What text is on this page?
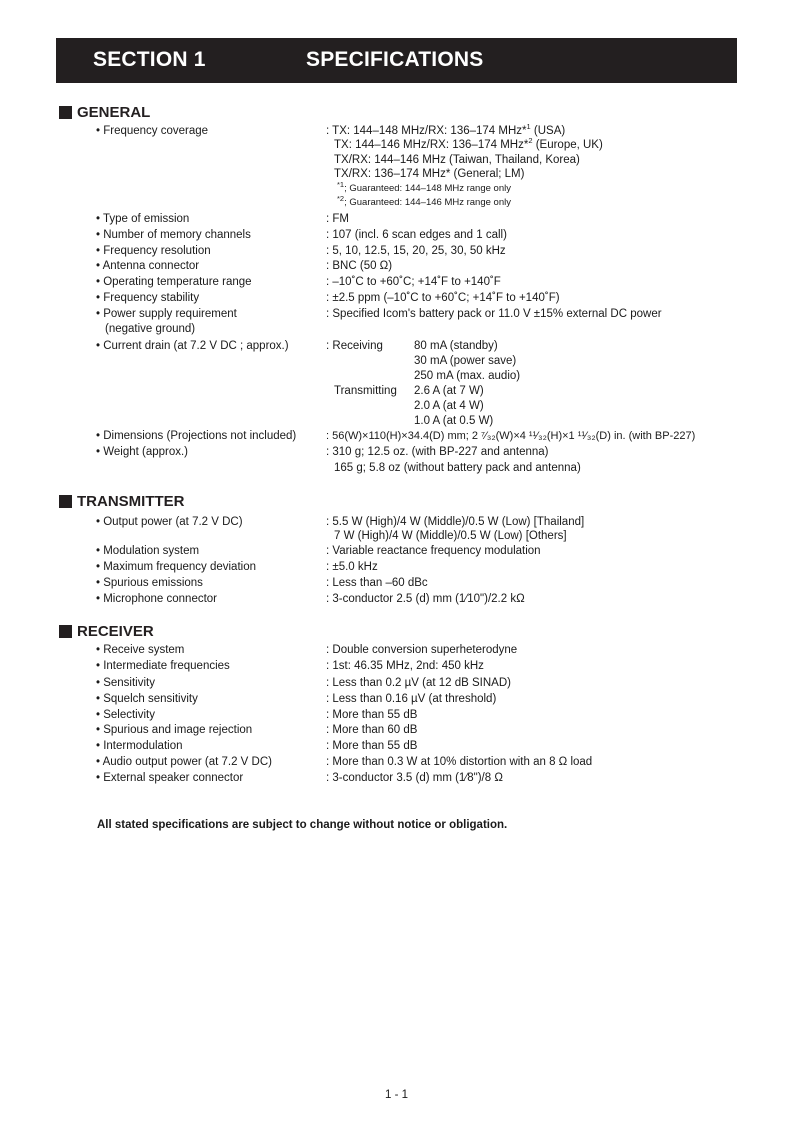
SECTION 1	SPECIFICATIONS
GENERAL
• Frequency coverage	: TX: 144–148 MHz/RX: 136–174 MHz*$^1$ (USA)
TX: 144–146 MHz/RX: 136–174 MHz*$^2$ (Europe, UK)
TX/RX: 144–146 MHz (Taiwan, Thailand, Korea)
TX/RX: 136–174 MHz* (General; LM)
$^{*1}$; Guaranteed: 144–148 MHz range only
$^{*2}$; Guaranteed: 144–146 MHz range only
• Type of emission	: FM
• Number of memory channels	: 107 (incl. 6 scan edges and 1 call)
• Frequency resolution	: 5, 10, 12.5, 15, 20, 25, 30, 50 kHz
• Antenna connector	: BNC (50 Ω)
• Operating temperature range	: –10˚C to +60˚C; +14˚F to +140˚F
• Frequency stability	: ±2.5 ppm (–10˚C to +60˚C; +14˚F to +140˚F)
• Power supply requirement	: Specified Icom's battery pack or 11.0 V ±15% external DC power
(negative ground)
• Current drain (at 7.2 V DC ; approx.)	: Receiving	80 mA (standby)
30 mA (power save)
250 mA (max. audio)
Transmitting 2.6 A (at 7 W)
2.0 A (at 4 W)
1.0 A (at 0.5 W)
• Dimensions (Projections not included)	: 56(W)×110(H)×34.4(D) mm; 2 ⁷⁄₃₂(W)×4 ¹¹⁄₃₂(H)×1 ¹¹⁄₃₂(D) in. (with BP-227)
• Weight (approx.)	: 310 g; 12.5 oz. (with BP-227 and antenna)
165 g; 5.8 oz (without battery pack and antenna)
TRANSMITTER
• Output power (at 7.2 V DC)	: 5.5 W (High)/4 W (Middle)/0.5 W (Low) [Thailand]
7 W (High)/4 W (Middle)/0.5 W (Low) [Others]
• Modulation system	: Variable reactance frequency modulation
• Maximum frequency deviation	: ±5.0 kHz
• Spurious emissions	: Less than –60 dBc
• Microphone connector	: 3-conductor 2.5 (d) mm (1⁄10")/2.2 kΩ
RECEIVER
• Receive system	: Double conversion superheterodyne
• Intermediate frequencies	: 1st: 46.35 MHz, 2nd: 450 kHz
• Sensitivity	: Less than 0.2 µV (at 12 dB SINAD)
• Squelch sensitivity	: Less than 0.16 µV (at threshold)
• Selectivity	: More than 55 dB
• Spurious and image rejection	: More than 60 dB
• Intermodulation	: More than 55 dB
• Audio output power (at 7.2 V DC)	: More than 0.3 W at 10% distortion with an 8 Ω load
• External speaker connector	: 3-conductor 3.5 (d) mm (1⁄8")/8 Ω
All stated specifications are subject to change without notice or obligation.
1 - 1
